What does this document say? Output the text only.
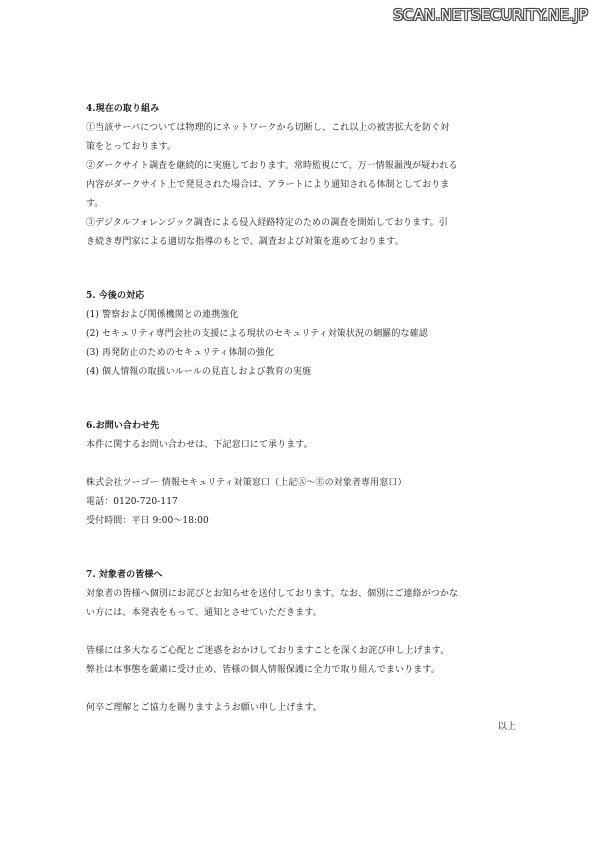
SCAN.NETSECURITY.NE.JP

4.現在の取り組み

①当該サーバについては物理的にネットワークから切断し、これ以上の被害拡大を防ぐ対

策をとっております。

②ダークサイト調査を継続的に実施しております。常時監視にて、万一情報漏洩が疑われる

内容がダークサイト上で発見された場合は、アラートにより通知される体制としておりま

す。

③デジタルフォレンジック調査による侵入経路特定のための調査を開始しております。引

き続き専門家による適切な指導のもとで、調査および対策を進めております。

5. 今後の対応

(1) 警察および関係機関との連携強化

(2) セキュリティ専門会社の支援による現状のセキュリティ対策状況の網羅的な確認

(3) 再発防止のためのセキュリティ体制の強化

(4) 個人情報の取扱いルールの見直しおよび教育の実施

6.お問い合わせ先

本件に関するお問い合わせは、下記窓口にて承ります。

株式会社ツーゴー 情報セキュリティ対策窓口（上記Ⓐ～Ⓔの対象者専用窓口）

電話：0120-720-117

受付時間：平日 9:00～18:00

7. 対象者の皆様へ

対象者の皆様へ個別にお詫びとお知らせを送付しております。なお、個別にご連絡がつかな

い方には、本発表をもって、通知とさせていただきます。

皆様には多大なるご心配とご迷惑をおかけしておりますことを深くお詫び申し上げます。

弊社は本事態を厳粛に受け止め、皆様の個人情報保護に全力で取り組んでまいります。

何卒ご理解とご協力を賜りますようお願い申し上げます。

以上
